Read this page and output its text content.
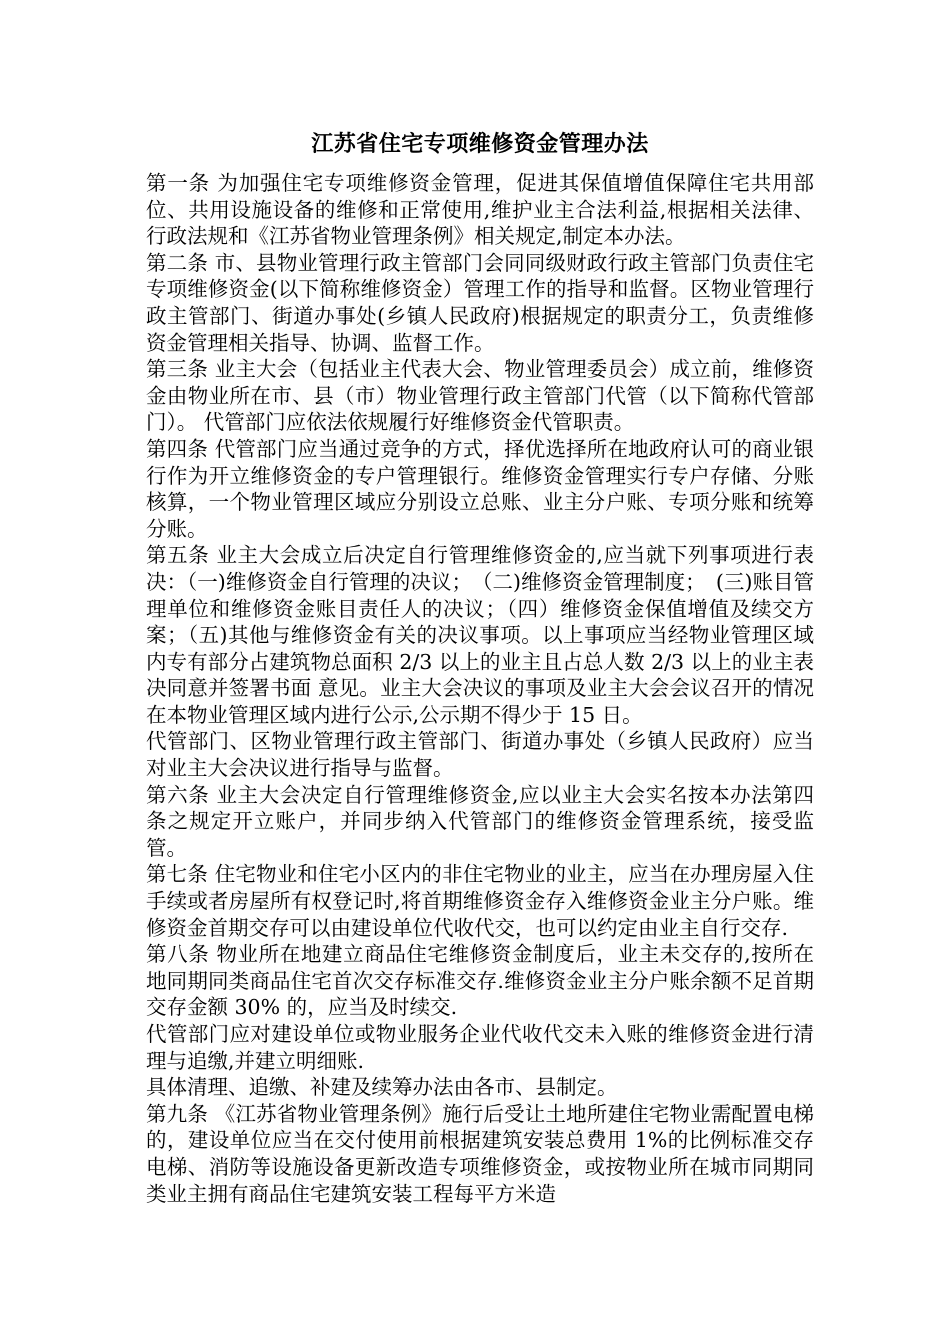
江苏省住宅专项维修资金管理办法

第一条 为加强住宅专项维修资金管理，促进其保值增值保障住宅共用部位、共用设施设备的维修和正常使用,维护业主合法利益,根据相关法律、行政法规和《江苏省物业管理条例》相关规定,制定本办法。

第二条 市、县物业管理行政主管部门会同同级财政行政主管部门负责住宅专项维修资金(以下简称维修资金）管理工作的指导和监督。区物业管理行政主管部门、街道办事处(乡镇人民政府)根据规定的职责分工，负责维修资金管理相关指导、协调、监督工作。

第三条 业主大会（包括业主代表大会、物业管理委员会）成立前，维修资金由物业所在市、县（市）物业管理行政主管部门代管（以下简称代管部门）。 代管部门应依法依规履行好维修资金代管职责。

第四条 代管部门应当通过竞争的方式，择优选择所在地政府认可的商业银行作为开立维修资金的专户管理银行。维修资金管理实行专户存储、分账核算，一个物业管理区域应分别设立总账、业主分户账、专项分账和统筹分账。

第五条 业主大会成立后决定自行管理维修资金的,应当就下列事项进行表决：（一)维修资金自行管理的决议；　（二)维修资金管理制度；　(三)账目管理单位和维修资金账目责任人的决议；（四）维修资金保值增值及续交方案；（五)其他与维修资金有关的决议事项。以上事项应当经物业管理区域内专有部分占建筑物总面积 2/3 以上的业主且占总人数 2/3 以上的业主表决同意并签署书面 意见。业主大会决议的事项及业主大会会议召开的情况在本物业管理区域内进行公示,公示期不得少于 15 日。

代管部门、区物业管理行政主管部门、街道办事处（乡镇人民政府）应当对业主大会决议进行指导与监督。

第六条 业主大会决定自行管理维修资金,应以业主大会实名按本办法第四条之规定开立账户，并同步纳入代管部门的维修资金管理系统，接受监管。

第七条 住宅物业和住宅小区内的非住宅物业的业主，应当在办理房屋入住手续或者房屋所有权登记时,将首期维修资金存入维修资金业主分户账。维修资金首期交存可以由建设单位代收代交，也可以约定由业主自行交存.

第八条 物业所在地建立商品住宅维修资金制度后，业主未交存的,按所在地同期同类商品住宅首次交存标准交存.维修资金业主分户账余额不足首期交存金额 30% 的，应当及时续交.

代管部门应对建设单位或物业服务企业代收代交未入账的维修资金进行清理与追缴,并建立明细账.

具体清理、追缴、补建及续筹办法由各市、县制定。

第九条 《江苏省物业管理条例》施行后受让土地所建住宅物业需配置电梯的，建设单位应当在交付使用前根据建筑安装总费用 1%的比例标准交存电梯、消防等设施设备更新改造专项维修资金，或按物业所在城市同期同类业主拥有商品住宅建筑安装工程每平方米造
